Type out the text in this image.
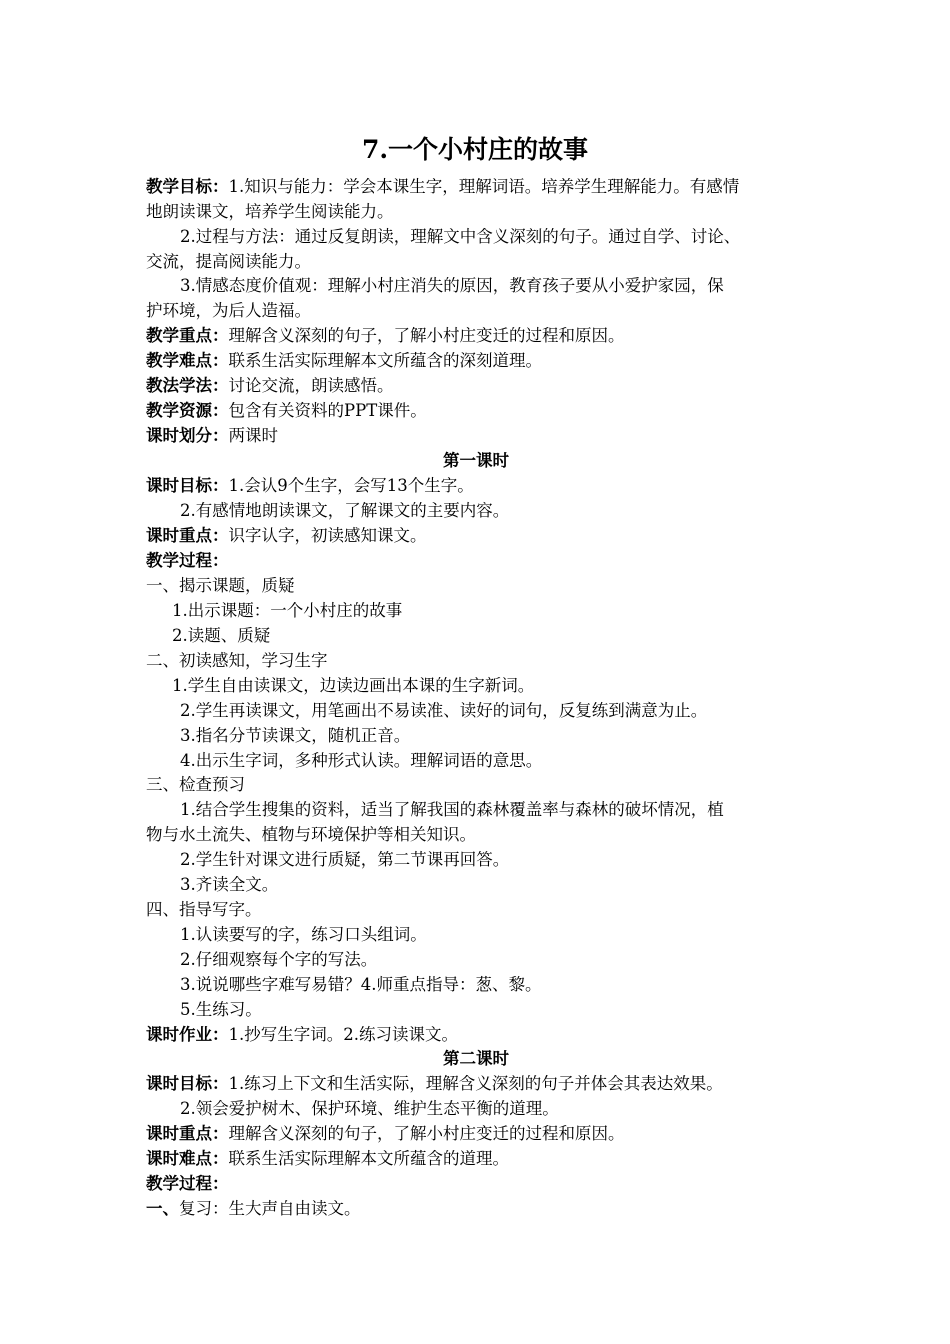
7.一个小村庄的故事
教学目标：1.知识与能力：学会本课生字，理解词语。培养学生理解能力。有感情
地朗读课文，培养学生阅读能力。
2.过程与方法：通过反复朗读，理解文中含义深刻的句子。通过自学、讨论、
交流，提高阅读能力。
3.情感态度价值观：理解小村庄消失的原因，教育孩子要从小爱护家园，保
护环境，为后人造福。
教学重点：理解含义深刻的句子，了解小村庄变迁的过程和原因。
教学难点：联系生活实际理解本文所蕴含的深刻道理。
教法学法：讨论交流，朗读感悟。
教学资源：包含有关资料的PPT课件。
课时划分：两课时
第一课时
课时目标：1.会认9个生字，会写13个生字。
2.有感情地朗读课文，了解课文的主要内容。
课时重点：识字认字，初读感知课文。
教学过程：
一、揭示课题，质疑
1.出示课题：一个小村庄的故事
2.读题、质疑
二、初读感知，学习生字
1.学生自由读课文，边读边画出本课的生字新词。
2.学生再读课文，用笔画出不易读准、读好的词句，反复练到满意为止。
3.指名分节读课文，随机正音。
4.出示生字词，多种形式认读。理解词语的意思。
三、检查预习
1.结合学生搜集的资料，适当了解我国的森林覆盖率与森林的破坏情况，植
物与水土流失、植物与环境保护等相关知识。
2.学生针对课文进行质疑，第二节课再回答。
3.齐读全文。
四、指导写字。
1.认读要写的字，练习口头组词。
2.仔细观察每个字的写法。
3.说说哪些字难写易错？4.师重点指导：葱、黎。
5.生练习。
课时作业：1.抄写生字词。2.练习读课文。
第二课时
课时目标：1.练习上下文和生活实际，理解含义深刻的句子并体会其表达效果。
2.领会爱护树木、保护环境、维护生态平衡的道理。
课时重点：理解含义深刻的句子，了解小村庄变迁的过程和原因。
课时难点：联系生活实际理解本文所蕴含的道理。
教学过程：
一、复习：生大声自由读文。
